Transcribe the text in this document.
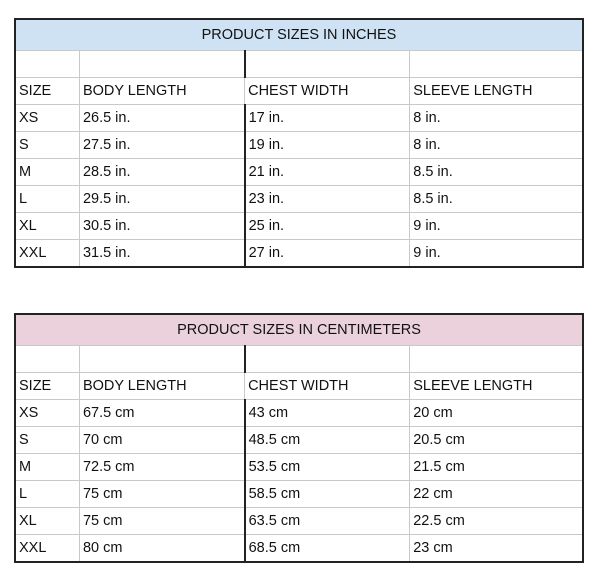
PRODUCT SIZES IN INCHES			

SIZE	BODY LENGTH	CHEST WIDTH	SLEEVE LENGTH
XS	26.5 in.	17 in.	8 in.
S	27.5 in.	19 in.	8 in.
M	28.5 in.	21 in.	8.5 in.
L	29.5 in.	23 in.	8.5 in.
XL	30.5 in.	25 in.	9 in.
XXL	31.5 in.	27 in.	9 in.
PRODUCT SIZES IN CENTIMETERS			

SIZE	BODY LENGTH	CHEST WIDTH	SLEEVE LENGTH
XS	67.5 cm	43 cm	20 cm
S	70 cm	48.5 cm	20.5 cm
M	72.5 cm	53.5 cm	21.5 cm
L	75 cm	58.5 cm	22 cm
XL	75 cm	63.5 cm	22.5 cm
XXL	80 cm	68.5 cm	23 cm
